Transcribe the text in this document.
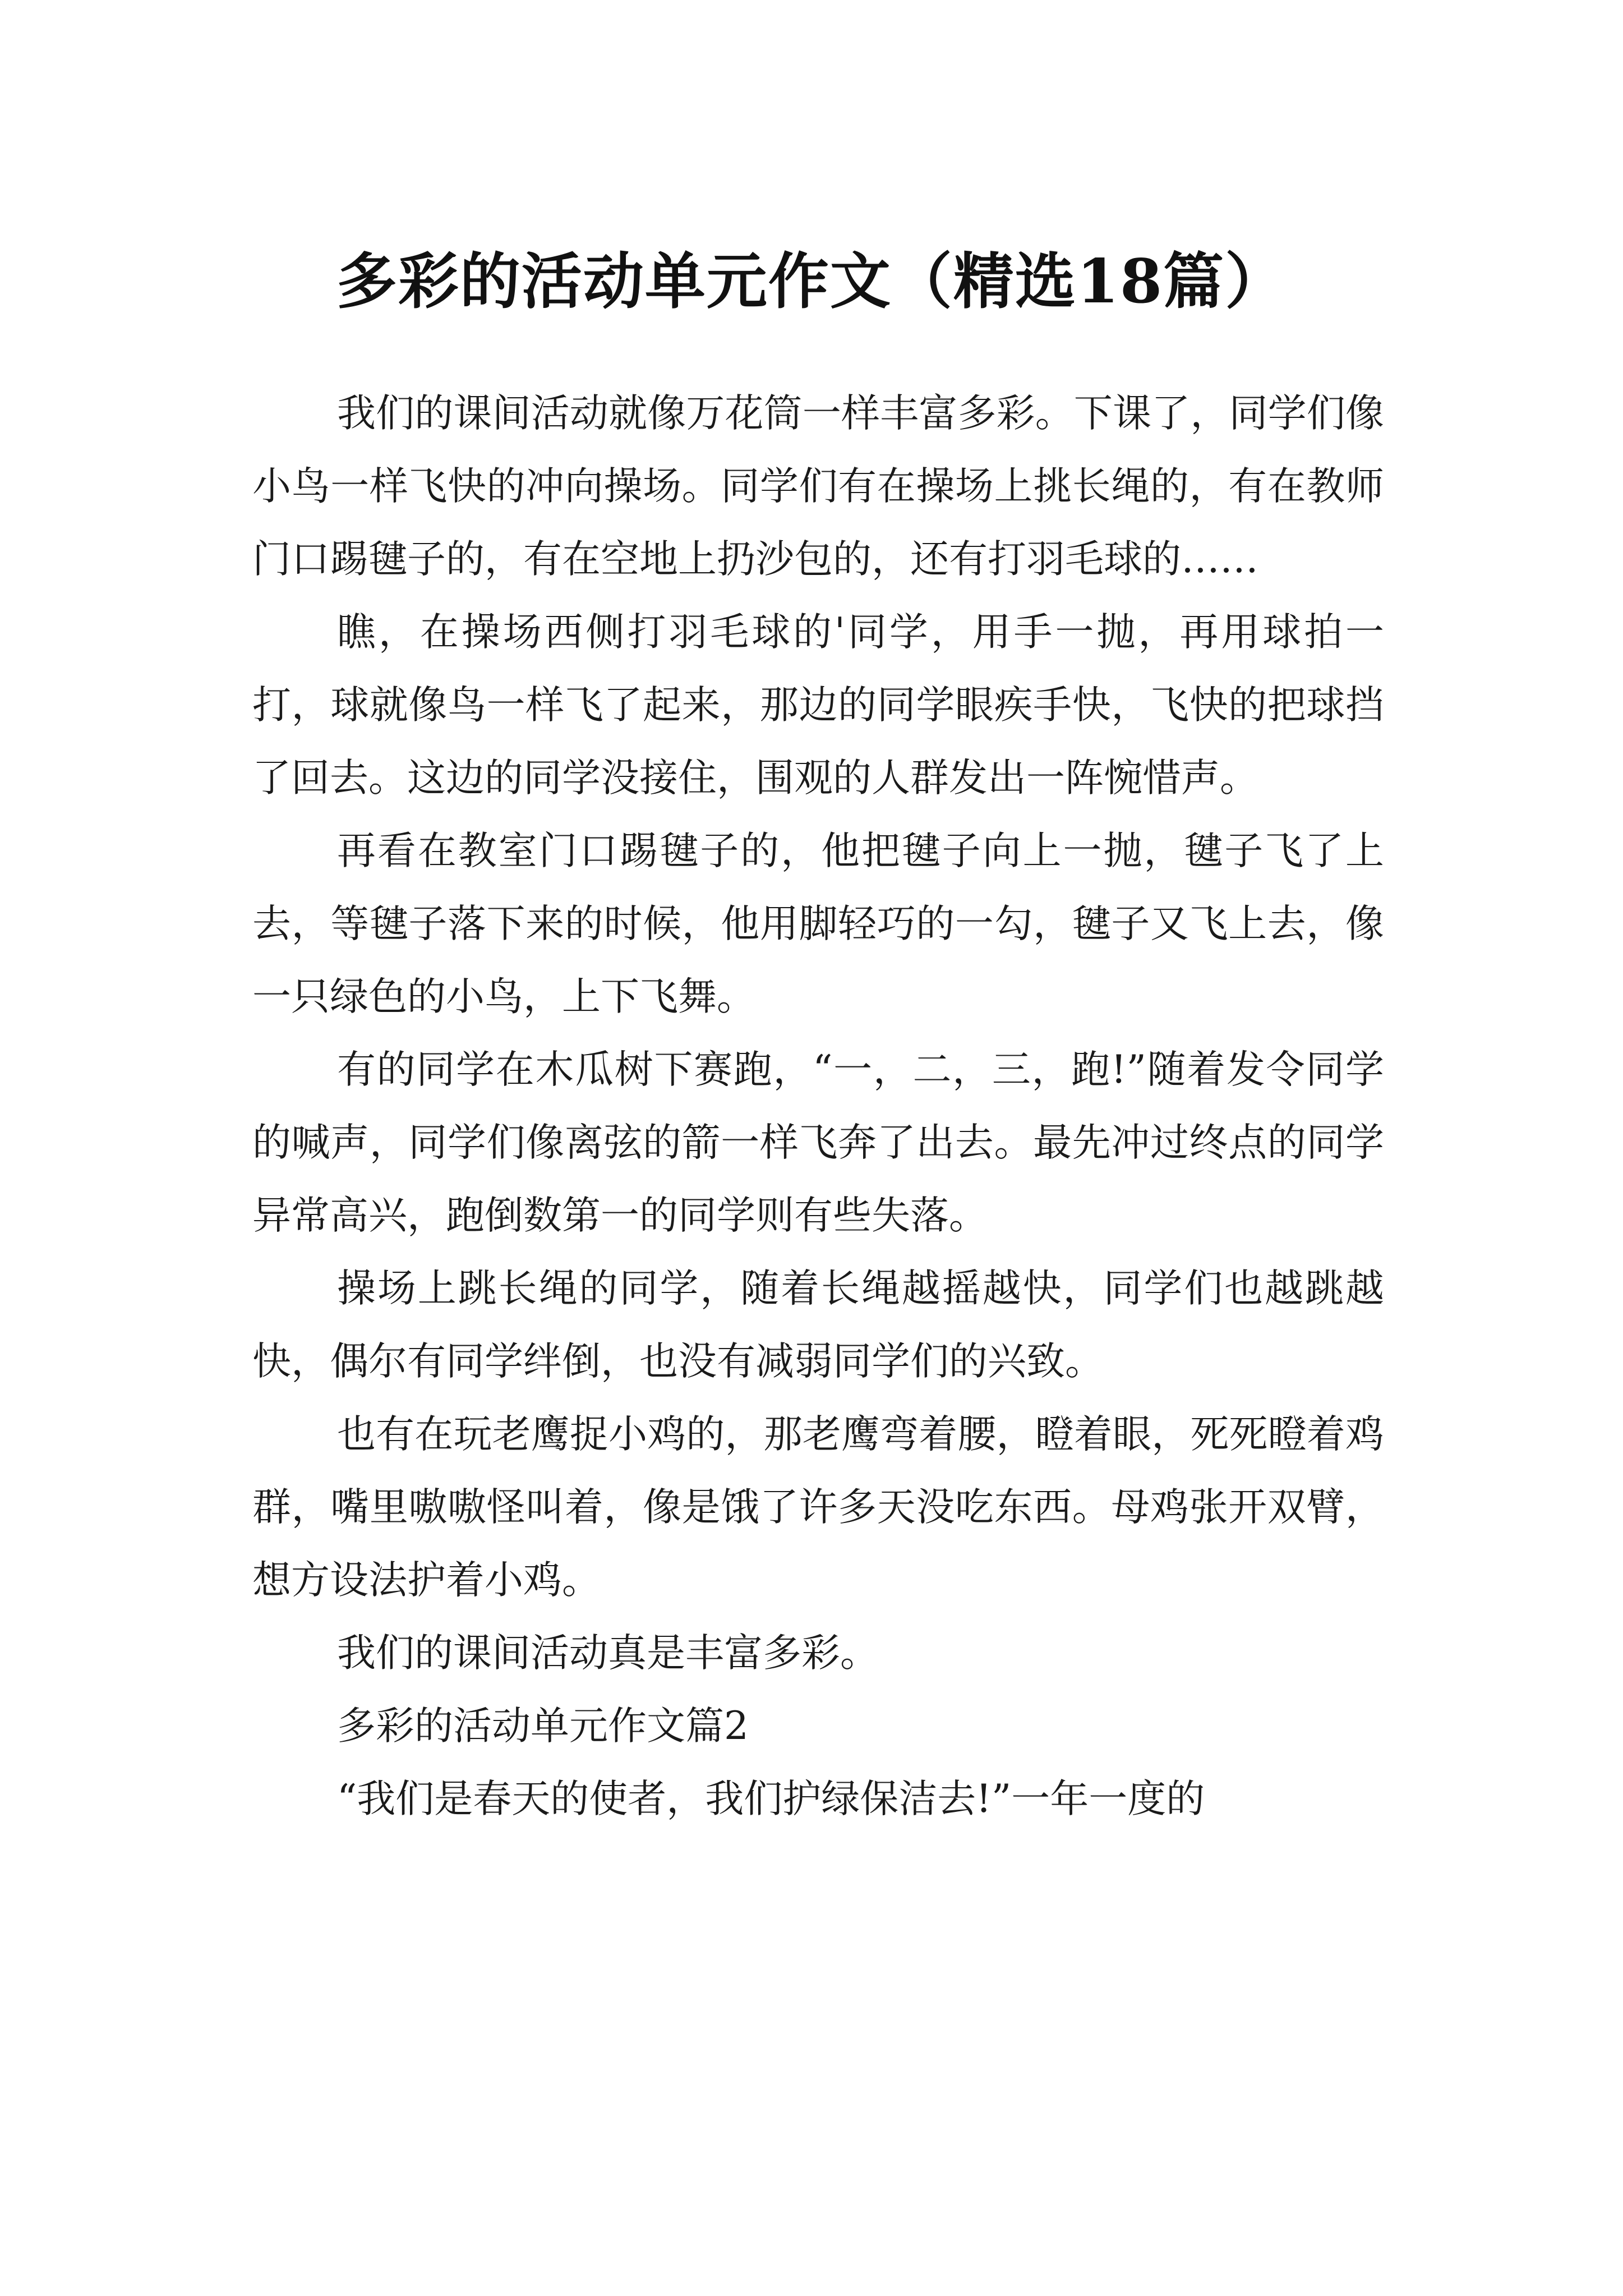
多彩的活动单元作文（精选18篇）

我们的课间活动就像万花筒一样丰富多彩。下课了，同学们像小鸟一样飞快的冲向操场。同学们有在操场上挑长绳的，有在教师门口踢毽子的，有在空地上扔沙包的，还有打羽毛球的……

瞧，在操场西侧打羽毛球的'同学，用手一抛，再用球拍一打，球就像鸟一样飞了起来，那边的同学眼疾手快，飞快的把球挡了回去。这边的同学没接住，围观的人群发出一阵惋惜声。

再看在教室门口踢毽子的，他把毽子向上一抛，毽子飞了上去，等毽子落下来的时候，他用脚轻巧的一勾，毽子又飞上去，像一只绿色的小鸟，上下飞舞。

有的同学在木瓜树下赛跑，“一，二，三，跑!”随着发令同学的喊声，同学们像离弦的箭一样飞奔了出去。最先冲过终点的同学异常高兴，跑倒数第一的同学则有些失落。

操场上跳长绳的同学，随着长绳越摇越快，同学们也越跳越快，偶尔有同学绊倒，也没有减弱同学们的兴致。

也有在玩老鹰捉小鸡的，那老鹰弯着腰，瞪着眼，死死瞪着鸡群，嘴里嗷嗷怪叫着，像是饿了许多天没吃东西。母鸡张开双臂，想方设法护着小鸡。

我们的课间活动真是丰富多彩。

多彩的活动单元作文篇2

“我们是春天的使者，我们护绿保洁去!”一年一度的
